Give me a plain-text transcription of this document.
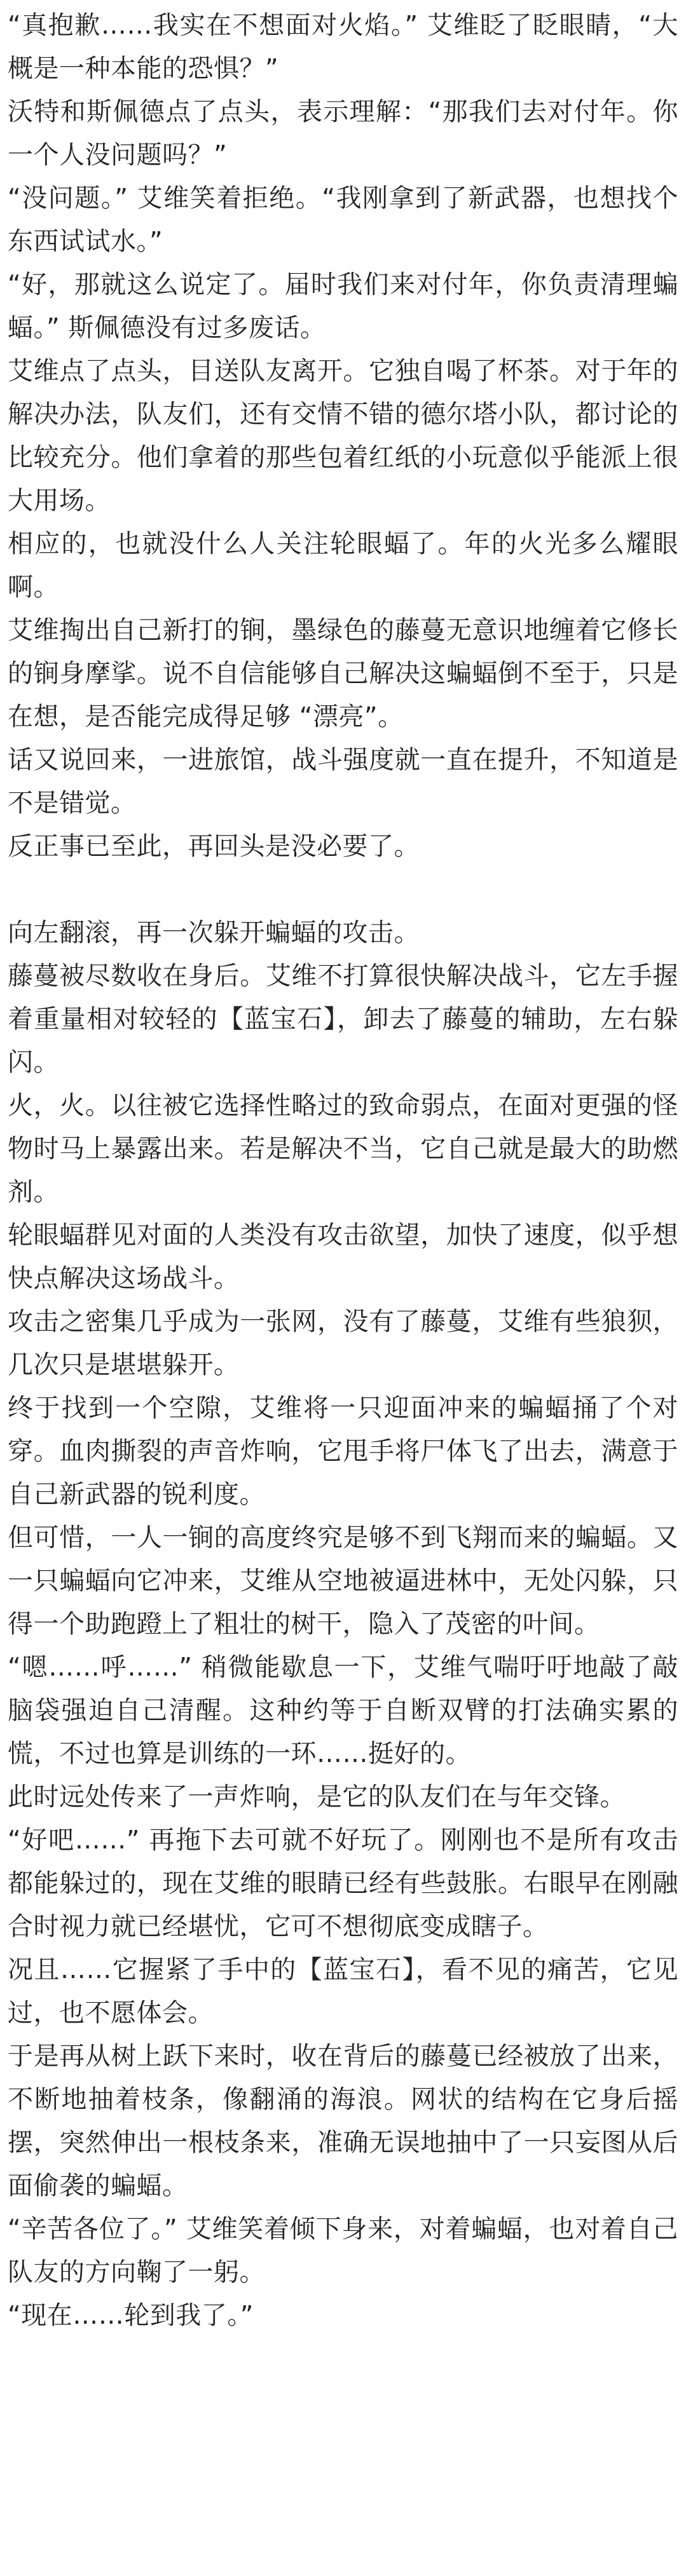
“真抱歉……我实在不想面对火焰。” 艾维眨了眨眼睛，“大概是一种本能的恐惧？”

沃特和斯佩德点了点头，表示理解：“那我们去对付年。你一个人没问题吗？”

“没问题。” 艾维笑着拒绝。“我刚拿到了新武器，也想找个东西试试水。”

“好，那就这么说定了。届时我们来对付年，你负责清理蝙蝠。” 斯佩德没有过多废话。

艾维点了点头，目送队友离开。它独自喝了杯茶。对于年的解决办法，队友们，还有交情不错的德尔塔小队，都讨论的比较充分。他们拿着的那些包着红纸的小玩意似乎能派上很大用场。

相应的，也就没什么人关注轮眼蝠了。年的火光多么耀眼啊。

艾维掏出自己新打的锏，墨绿色的藤蔓无意识地缠着它修长的锏身摩挲。说不自信能够自己解决这蝙蝠倒不至于，只是在想，是否能完成得足够 “漂亮”。

话又说回来，一进旅馆，战斗强度就一直在提升，不知道是不是错觉。

反正事已至此，再回头是没必要了。

向左翻滚，再一次躲开蝙蝠的攻击。

藤蔓被尽数收在身后。艾维不打算很快解决战斗，它左手握着重量相对较轻的【蓝宝石】，卸去了藤蔓的辅助，左右躲闪。

火，火。以往被它选择性略过的致命弱点，在面对更强的怪物时马上暴露出来。若是解决不当，它自己就是最大的助燃剂。

轮眼蝠群见对面的人类没有攻击欲望，加快了速度，似乎想快点解决这场战斗。

攻击之密集几乎成为一张网，没有了藤蔓，艾维有些狼狈，几次只是堪堪躲开。

终于找到一个空隙，艾维将一只迎面冲来的蝙蝠捅了个对穿。血肉撕裂的声音炸响，它甩手将尸体飞了出去，满意于自己新武器的锐利度。

但可惜，一人一锏的高度终究是够不到飞翔而来的蝙蝠。又一只蝙蝠向它冲来，艾维从空地被逼进林中，无处闪躲，只得一个助跑蹬上了粗壮的树干，隐入了茂密的叶间。

“嗯……呼……” 稍微能歇息一下，艾维气喘吁吁地敲了敲脑袋强迫自己清醒。这种约等于自断双臂的打法确实累的慌，不过也算是训练的一环……挺好的。

此时远处传来了一声炸响，是它的队友们在与年交锋。

“好吧……” 再拖下去可就不好玩了。刚刚也不是所有攻击都能躲过的，现在艾维的眼睛已经有些鼓胀。右眼早在刚融合时视力就已经堪忧，它可不想彻底变成瞎子。

况且……它握紧了手中的【蓝宝石】，看不见的痛苦，它见过，也不愿体会。

于是再从树上跃下来时，收在背后的藤蔓已经被放了出来，不断地抽着枝条，像翻涌的海浪。网状的结构在它身后摇摆，突然伸出一根枝条来，准确无误地抽中了一只妄图从后面偷袭的蝙蝠。

“辛苦各位了。” 艾维笑着倾下身来，对着蝙蝠，也对着自己队友的方向鞠了一躬。

“现在……轮到我了。”
